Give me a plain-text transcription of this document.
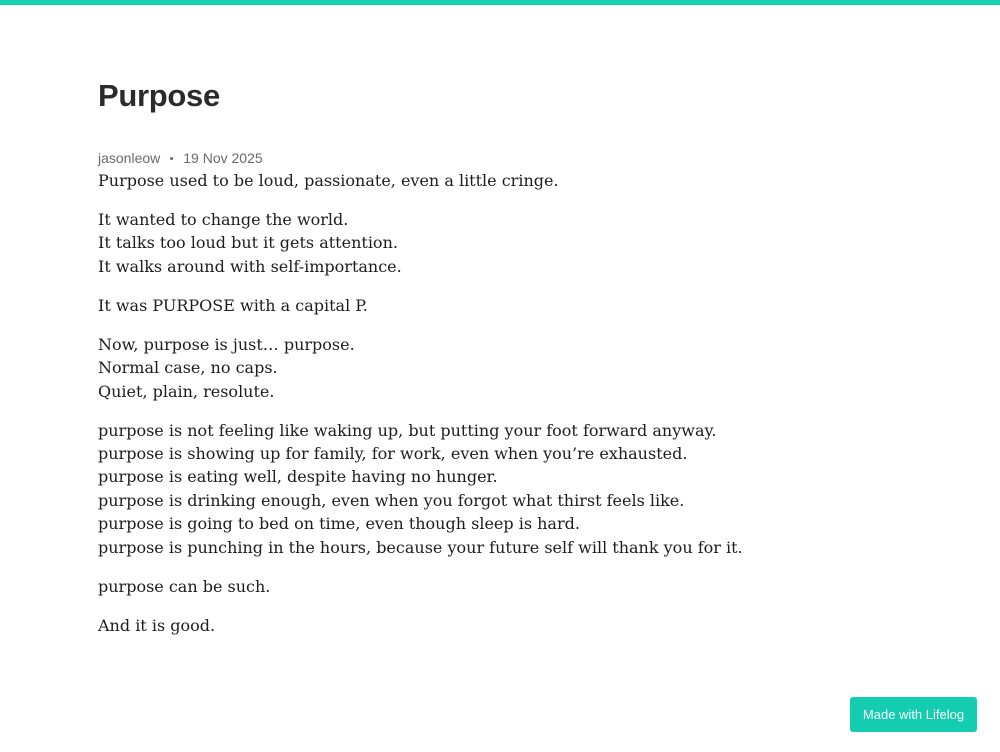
Purpose
jasonleow 19 Nov 2025

Purpose used to be loud, passionate, even a little cringe.

It wanted to change the world.
It talks too loud but it gets attention.
It walks around with self-importance.

It was PURPOSE with a capital P.

Now, purpose is just… purpose.
Normal case, no caps.
Quiet, plain, resolute.

purpose is not feeling like waking up, but putting your foot forward anyway.
purpose is showing up for family, for work, even when you’re exhausted.
purpose is eating well, despite having no hunger.
purpose is drinking enough, even when you forgot what thirst feels like.
purpose is going to bed on time, even though sleep is hard.
purpose is punching in the hours, because your future self will thank you for it.

purpose can be such.

And it is good.

Made with Lifelog
